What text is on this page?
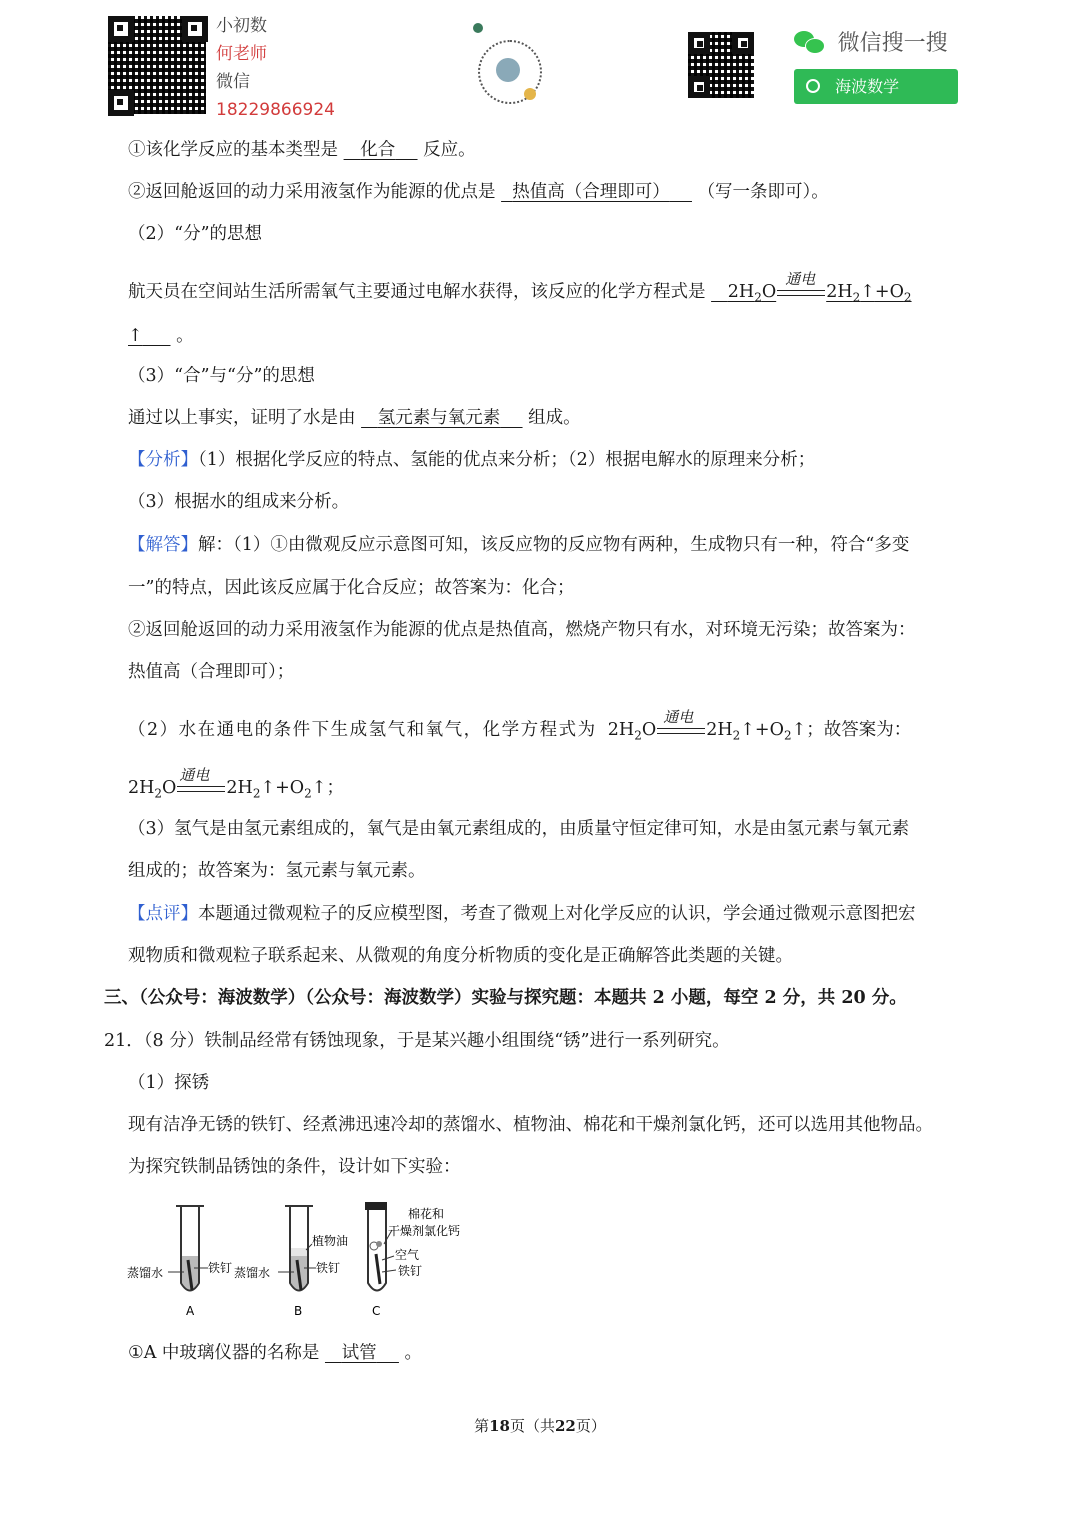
小初数
何老师
微信
18229866924
微信搜一搜
海波数学
①该化学反应的基本类型是 化合 反应。
②返回舱返回的动力采用液氢作为能源的优点是 热值高（合理即可） （写一条即可）。
（2）“分”的思想
航天员在空间站生活所需氧气主要通过电解水获得，该反应的化学方程式是 $2H_2O$
通电
$2H_2↑+O_2$
↑ 。
（3）“合”与“分”的思想
通过以上事实，证明了水是由 氢元素与氧元素 组成。
【分析】（1）根据化学反应的特点、氢能的优点来分析；（2）根据电解水的原理来分析；
（3）根据水的组成来分析。
【解答】解：（1）①由微观反应示意图可知，该反应物的反应物有两种，生成物只有一种，符合“多变
一”的特点，因此该反应属于化合反应；故答案为：化合；
②返回舱返回的动力采用液氢作为能源的优点是热值高，燃烧产物只有水，对环境无污染；故答案为：
热值高（合理即可）；
（2）水在通电的条件下生成氢气和氧气，化学方程式为 $2H_2O$
通电
$2H_2↑+O_2↑$；故答案为：
$2H_2O$
通电
$2H_2↑+O_2↑$；
（3）氢气是由氢元素组成的，氧气是由氧元素组成的，由质量守恒定律可知，水是由氢元素与氧元素
组成的；故答案为：氢元素与氧元素。
【点评】本题通过微观粒子的反应模型图，考查了微观上对化学反应的认识，学会通过微观示意图把宏
观物质和微观粒子联系起来、从微观的角度分析物质的变化是正确解答此类题的关键。
三、（公众号：海波数学）（公众号：海波数学）实验与探究题：本题共 2 小题，每空 2 分，共 20 分。
21．（8 分）铁制品经常有锈蚀现象，于是某兴趣小组围绕“锈”进行一系列研究。
（1）探锈
现有洁净无锈的铁钉、经煮沸迅速冷却的蒸馏水、植物油、棉花和干燥剂氯化钙，还可以选用其他物品。
为探究铁制品锈蚀的条件，设计如下实验：
蒸馏水	铁钉
A
蒸馏水
植物油
铁钉
B
棉花和
干燥剂氯化钙
空气
铁钉
C
①A 中玻璃仪器的名称是 试管 。
第18页（共22页）
